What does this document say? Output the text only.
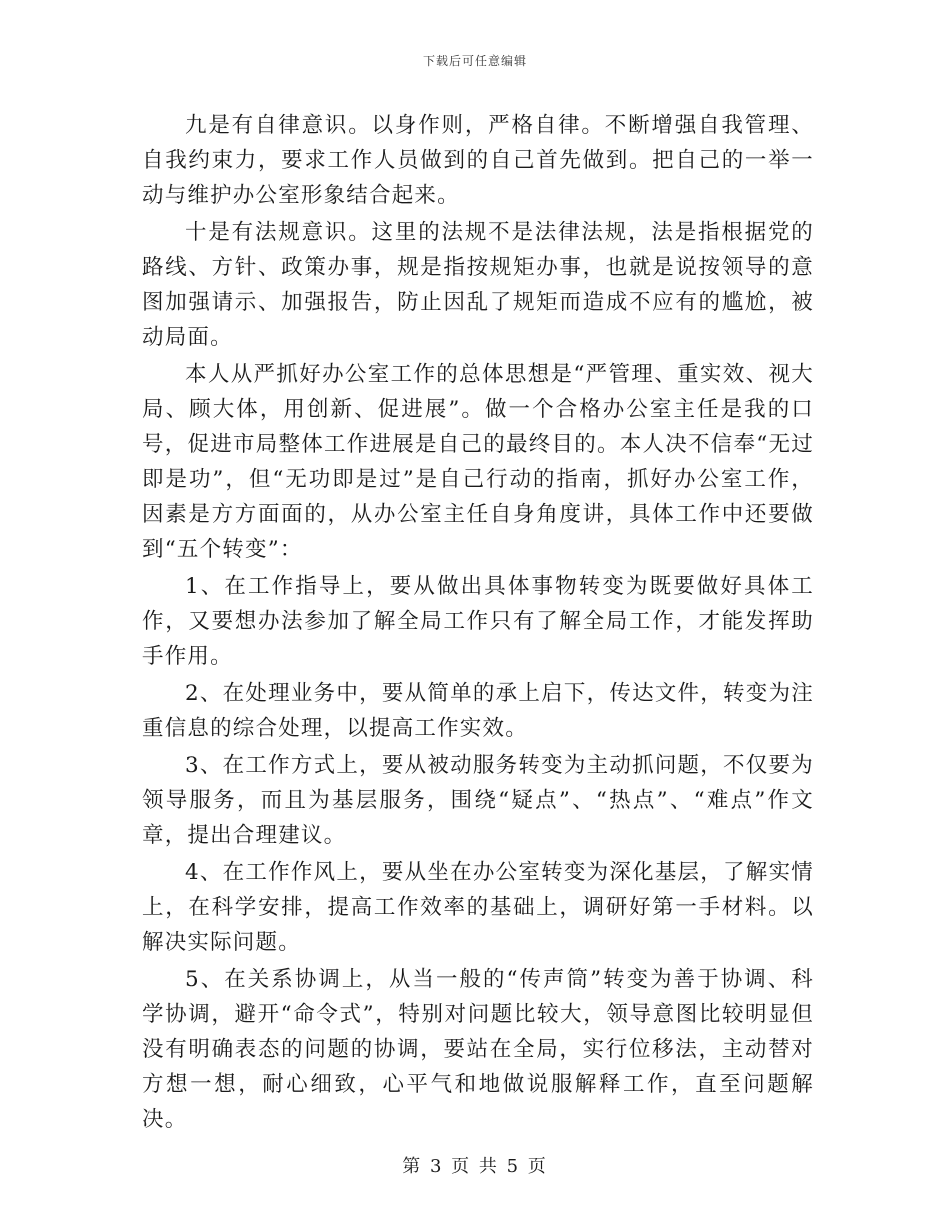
下载后可任意编辑

九是有自律意识。以身作则，严格自律。不断增强自我管理、自我约束力，要求工作人员做到的自己首先做到。把自己的一举一动与维护办公室形象结合起来。

十是有法规意识。这里的法规不是法律法规，法是指根据党的路线、方针、政策办事，规是指按规矩办事，也就是说按领导的意图加强请示、加强报告，防止因乱了规矩而造成不应有的尴尬，被动局面。

本人从严抓好办公室工作的总体思想是“严管理、重实效、视大局、顾大体，用创新、促进展”。做一个合格办公室主任是我的口号，促进市局整体工作进展是自己的最终目的。本人决不信奉“无过即是功”，但“无功即是过”是自己行动的指南，抓好办公室工作，因素是方方面面的，从办公室主任自身角度讲，具体工作中还要做到“五个转变”：

1、在工作指导上，要从做出具体事物转变为既要做好具体工作，又要想办法参加了解全局工作只有了解全局工作，才能发挥助手作用。

2、在处理业务中，要从简单的承上启下，传达文件，转变为注重信息的综合处理，以提高工作实效。

3、在工作方式上，要从被动服务转变为主动抓问题，不仅要为领导服务，而且为基层服务，围绕“疑点”、“热点”、“难点”作文章，提出合理建议。

4、在工作作风上，要从坐在办公室转变为深化基层，了解实情上，在科学安排，提高工作效率的基础上，调研好第一手材料。以解决实际问题。

5、在关系协调上，从当一般的“传声筒”转变为善于协调、科学协调，避开“命令式”，特别对问题比较大，领导意图比较明显但没有明确表态的问题的协调，要站在全局，实行位移法，主动替对方想一想，耐心细致，心平气和地做说服解释工作，直至问题解决。

第 3 页 共 5 页
